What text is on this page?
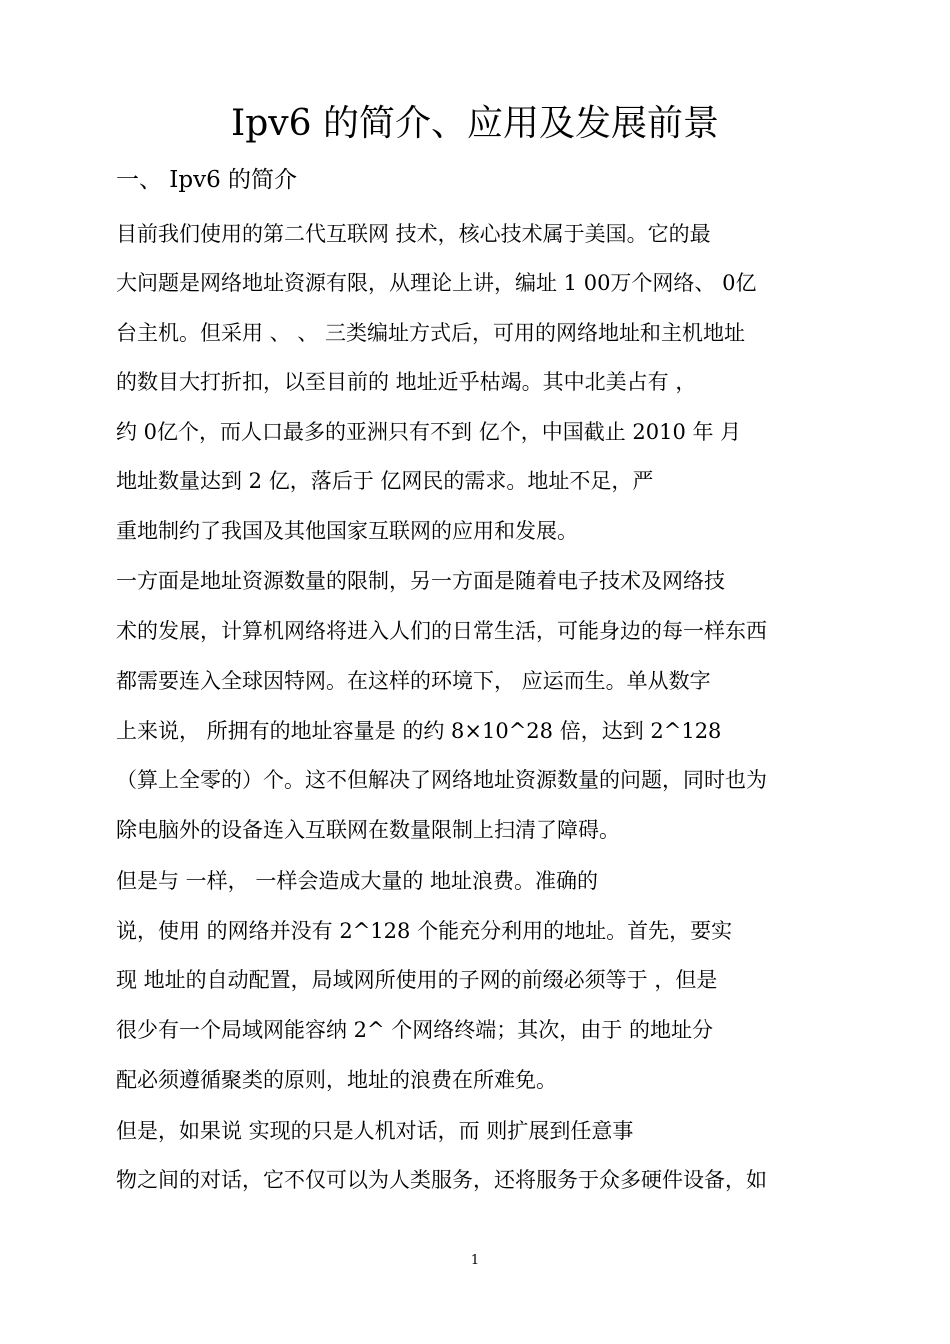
Ipv6 的简介、应用及发展前景
一、 Ipv6 的简介
目前我们使用的第二代互联网 技术，核心技术属于美国。它的最
大问题是网络地址资源有限，从理论上讲，编址 1 00万个网络、 0亿
台主机。但采用 、 、 三类编址方式后，可用的网络地址和主机地址
的数目大打折扣，以至目前的 地址近乎枯竭。其中北美占有 ，
约 0亿个，而人口最多的亚洲只有不到 亿个，中国截止 2010 年 月
地址数量达到 2 亿，落后于 亿网民的需求。地址不足，严
重地制约了我国及其他国家互联网的应用和发展。
一方面是地址资源数量的限制，另一方面是随着电子技术及网络技
术的发展，计算机网络将进入人们的日常生活，可能身边的每一样东西
都需要连入全球因特网。在这样的环境下， 应运而生。单从数字
上来说， 所拥有的地址容量是 的约 8×10^28 倍，达到 2^128
（算上全零的）个。这不但解决了网络地址资源数量的问题，同时也为
除电脑外的设备连入互联网在数量限制上扫清了障碍。
但是与 一样， 一样会造成大量的 地址浪费。准确的
说，使用 的网络并没有 2^128 个能充分利用的地址。首先，要实
现 地址的自动配置，局域网所使用的子网的前缀必须等于 ，但是
很少有一个局域网能容纳 2^ 个网络终端；其次，由于 的地址分
配必须遵循聚类的原则，地址的浪费在所难免。
但是，如果说 实现的只是人机对话，而 则扩展到任意事
物之间的对话，它不仅可以为人类服务，还将服务于众多硬件设备，如
1
